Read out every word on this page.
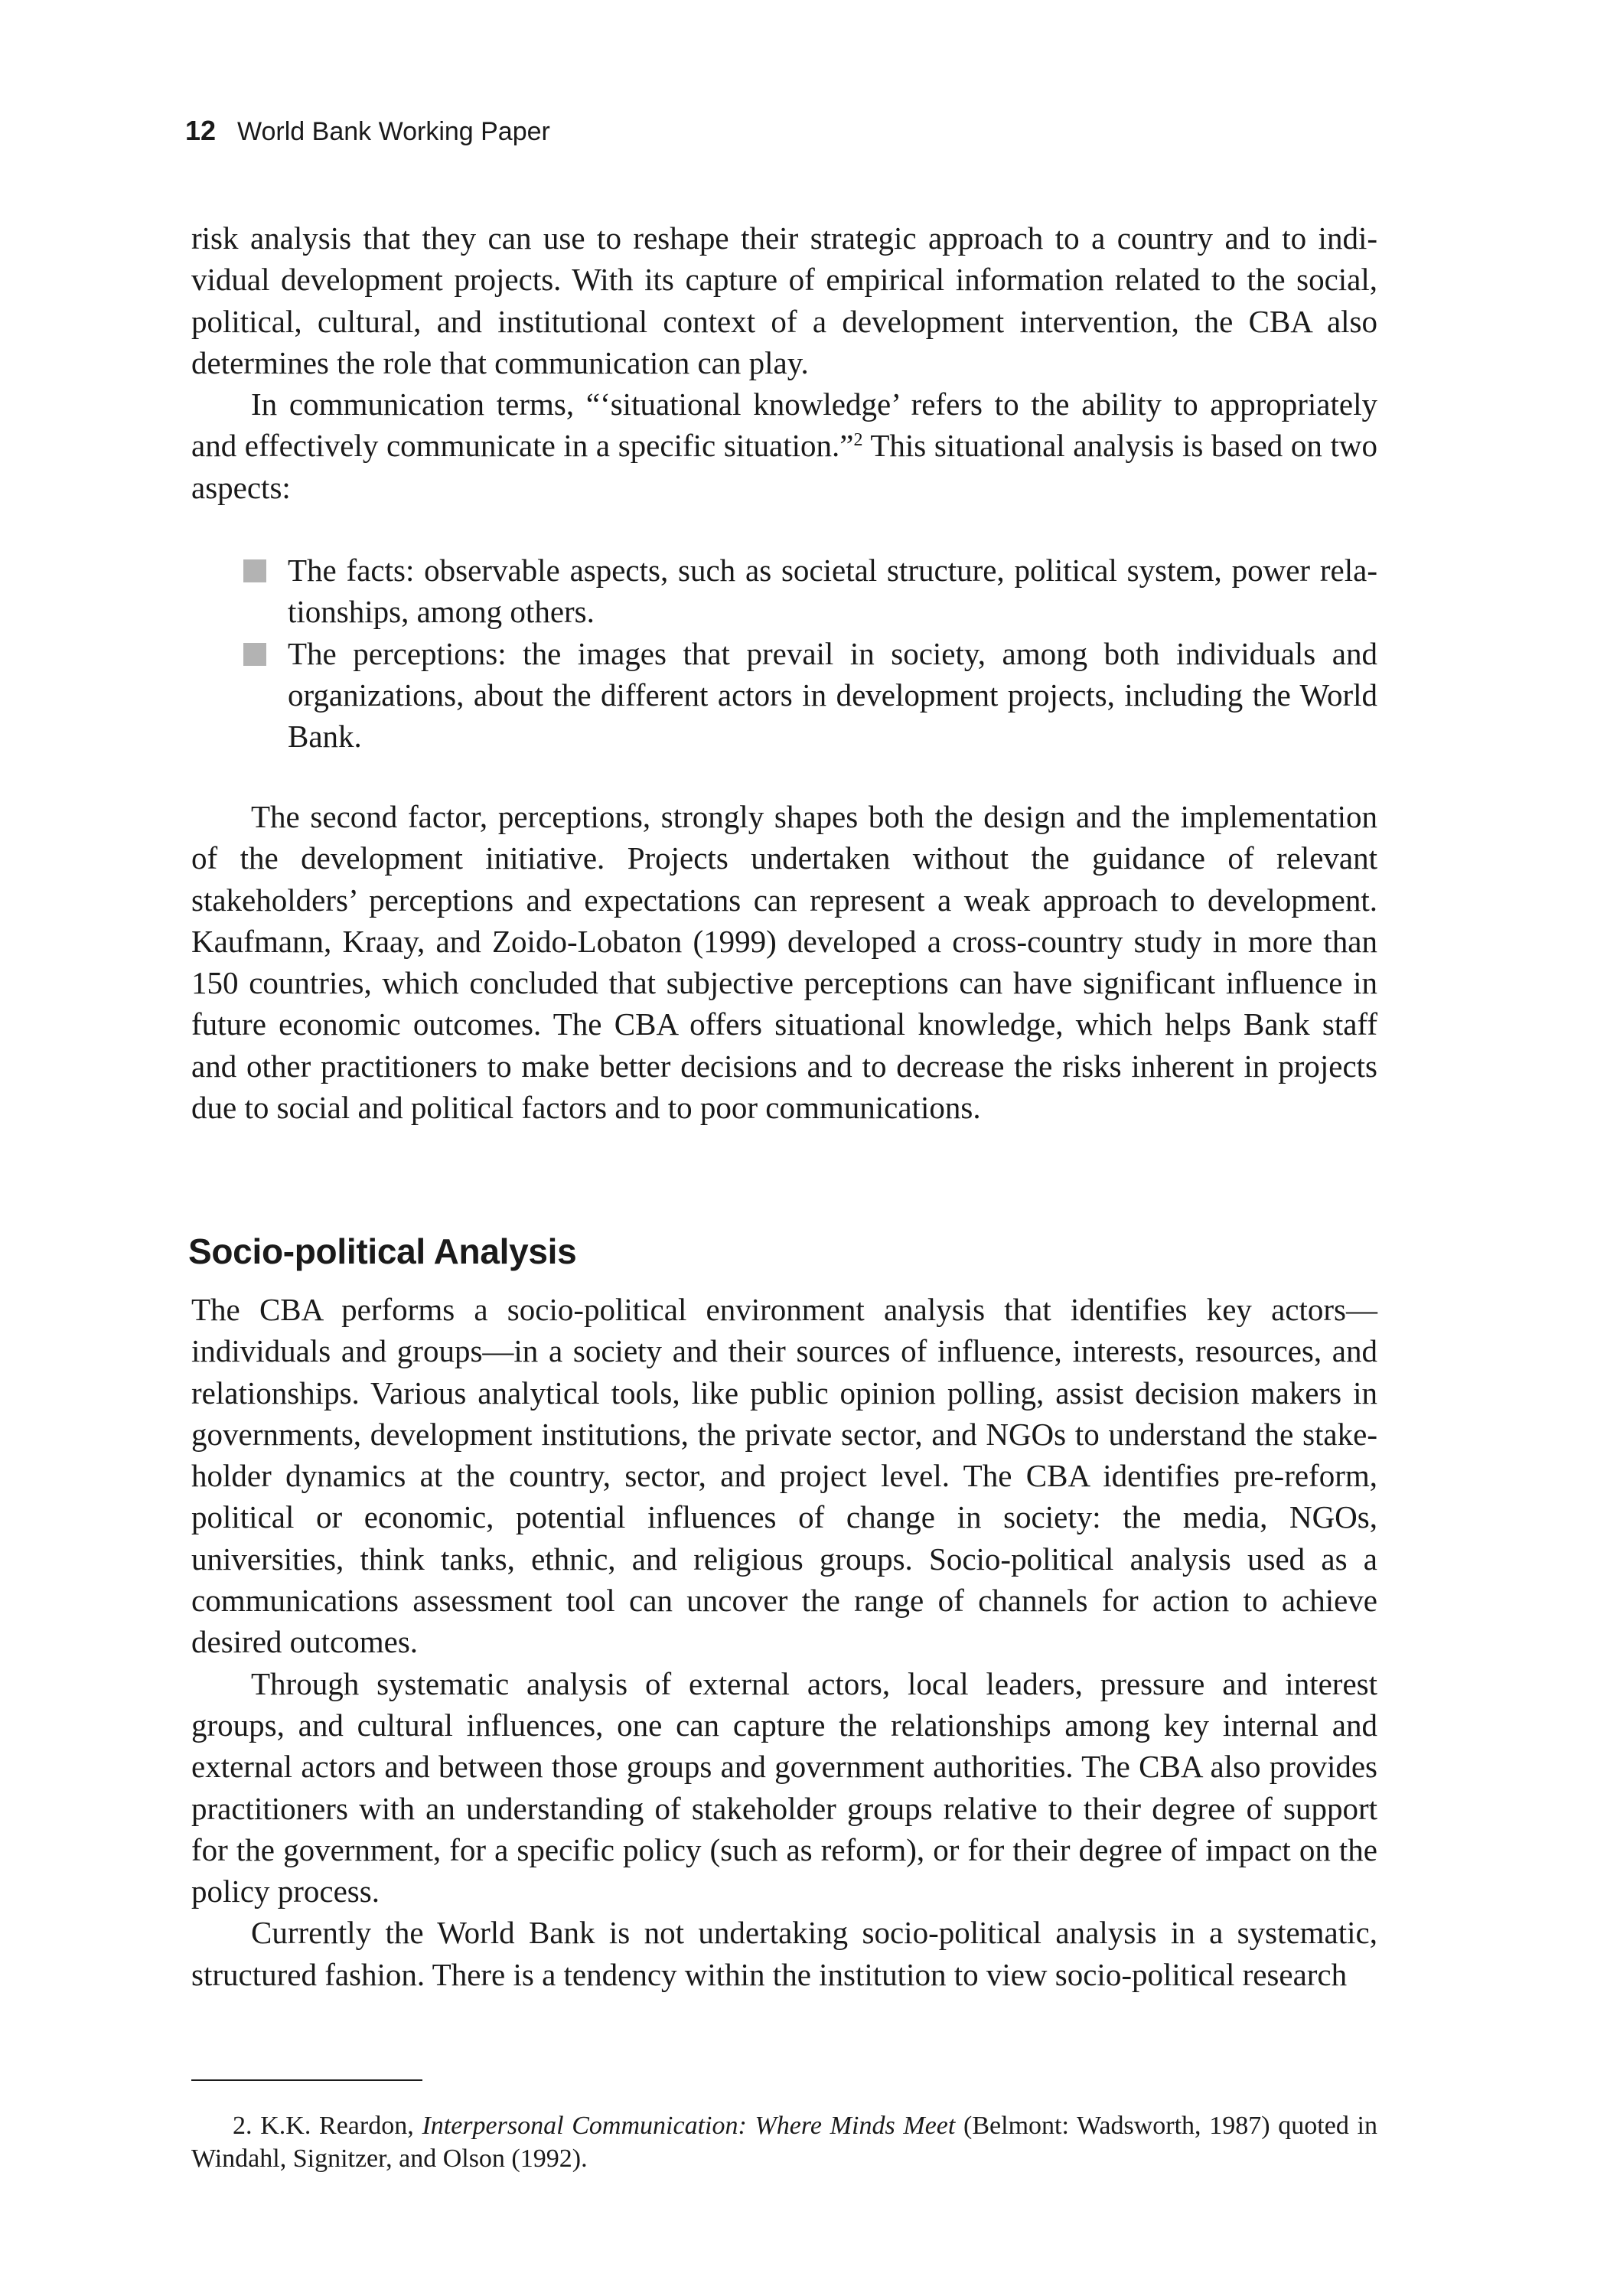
12 World Bank Working Paper

risk analysis that they can use to reshape their strategic approach to a country and to individual development projects. With its capture of empirical information related to the social, political, cultural, and institutional context of a development intervention, the CBA also determines the role that communication can play.

In communication terms, “‘situational knowledge’ refers to the ability to appropriately and effectively communicate in a specific situation.”$^2$ This situational analysis is based on two aspects:

The facts: observable aspects, such as societal structure, political system, power relationships, among others.
The perceptions: the images that prevail in society, among both individuals and organizations, about the different actors in development projects, including the World Bank.

The second factor, perceptions, strongly shapes both the design and the implementation of the development initiative. Projects undertaken without the guidance of relevant stakeholders’ perceptions and expectations can represent a weak approach to development. Kaufmann, Kraay, and Zoido-Lobaton (1999) developed a cross-country study in more than 150 countries, which concluded that subjective perceptions can have significant influence in future economic outcomes. The CBA offers situational knowledge, which helps Bank staff and other practitioners to make better decisions and to decrease the risks inherent in projects due to social and political factors and to poor communications.

Socio-political Analysis

The CBA performs a socio-political environment analysis that identifies key actors—individuals and groups—in a society and their sources of influence, interests, resources, and relationships. Various analytical tools, like public opinion polling, assist decision makers in governments, development institutions, the private sector, and NGOs to understand the stakeholder dynamics at the country, sector, and project level. The CBA identifies pre-reform, political or economic, potential influences of change in society: the media, NGOs, universities, think tanks, ethnic, and religious groups. Socio-political analysis used as a communications assessment tool can uncover the range of channels for action to achieve desired outcomes.

Through systematic analysis of external actors, local leaders, pressure and interest groups, and cultural influences, one can capture the relationships among key internal and external actors and between those groups and government authorities. The CBA also provides practitioners with an understanding of stakeholder groups relative to their degree of support for the government, for a specific policy (such as reform), or for their degree of impact on the policy process.

Currently the World Bank is not undertaking socio-political analysis in a systematic, structured fashion. There is a tendency within the institution to view socio-political research

2. K.K. Reardon, Interpersonal Communication: Where Minds Meet (Belmont: Wadsworth, 1987) quoted in Windahl, Signitzer, and Olson (1992).
